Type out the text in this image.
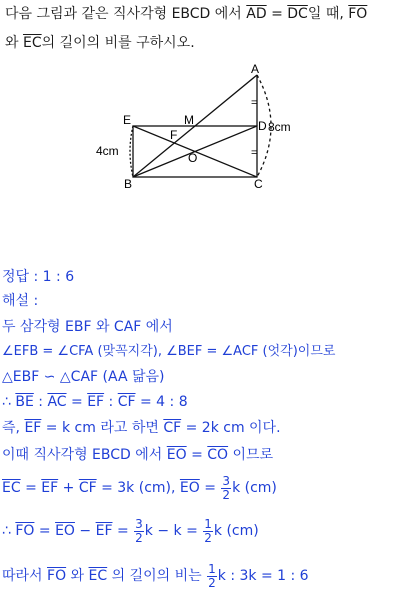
다음 그림과 같은 직사각형 EBCD 에서 $\overline{AD} = \overline{DC}$일 때, $\overline{FO}$
와 $\overline{EC}$의 길이의 비를 구하시오.
A
E	M
F
D
O
B	C
4cm
8cm
=
=
정답 : 1 : 6
해설 :
두 삼각형 EBF 와 CAF 에서
∠EFB = ∠CFA (맞꼭지각), ∠BEF = ∠ACF (엇각)이므로
△EBF ∽ △CAF (AA 닮음)
∴ $\overline{BE}$ : $\overline{AC} = \overline{EF}$ : $\overline{CF} = 4$ : 8
즉, $\overline{EF} = k$ cm 라고 하면 $\overline{CF} = 2k$ cm 이다.
이때 직사각형 EBCD 에서 $\overline{EO} = \overline{CO}$ 이므로
$\overline{EC} = \overline{EF} + \overline{CF} = 3k$ (cm), $\overline{EO} = \frac{3}{2}$ k (cm)
∴ $\overline{FO} = \overline{EO} - \overline{EF} = \frac{3}{2}$ $k - k = \frac{1}{2}$ k (cm)
따라서 $\overline{FO}$ 와 $\overline{EC}$ 의 길이의 비는 $\frac{1}{2}$ k : 3k = 1 : 6
